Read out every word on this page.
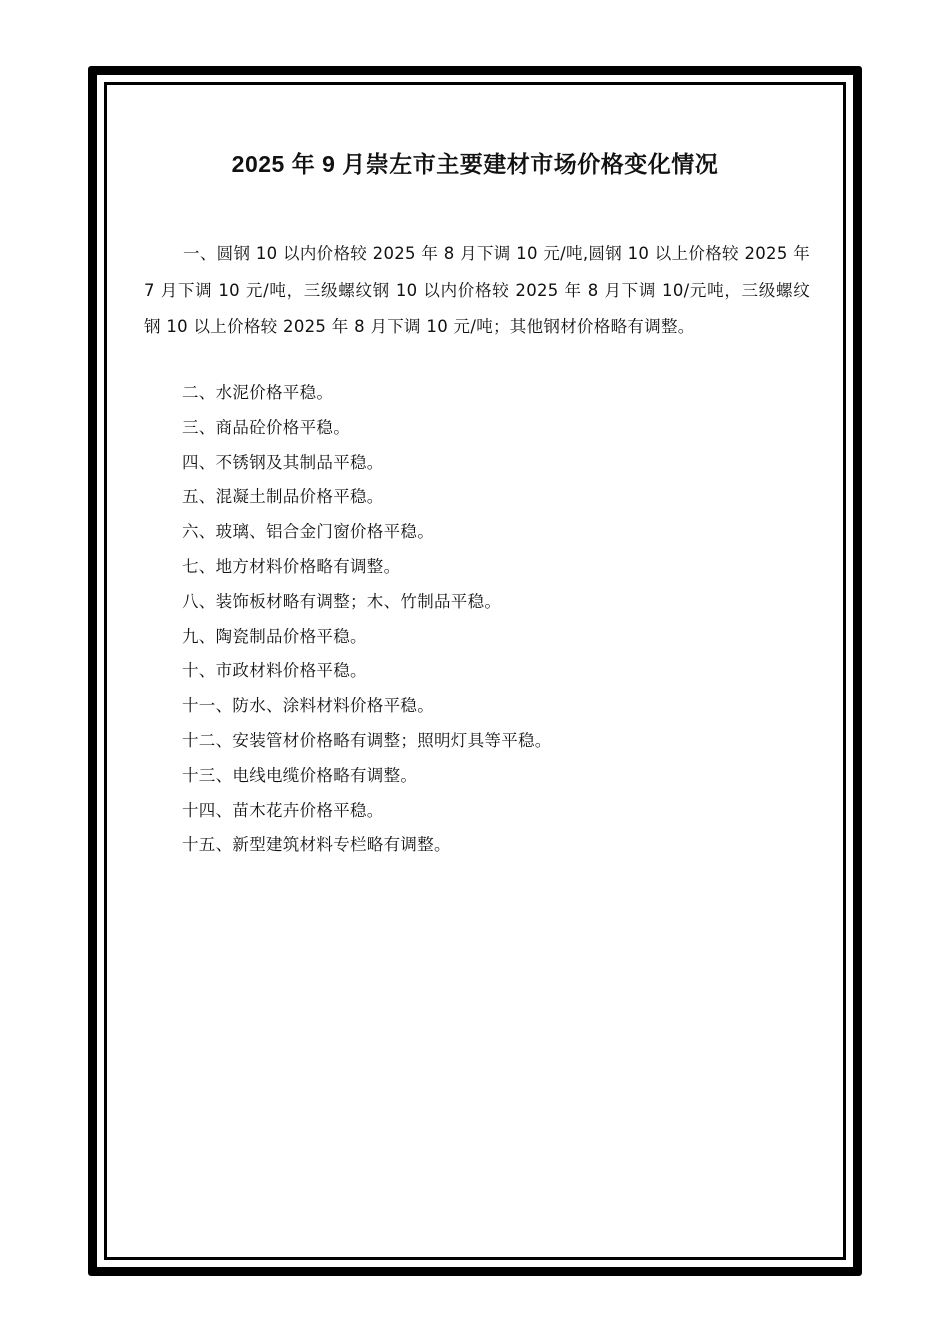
2025 年 9 月崇左市主要建材市场价格变化情况

一、圆钢 10 以内价格较 2025 年 8 月下调 10 元/吨,圆钢 10 以上价格较 2025 年 7 月下调 10 元/吨，三级螺纹钢 10 以内价格较 2025 年 8 月下调 10/元吨，三级螺纹钢 10 以上价格较 2025 年 8 月下调 10 元/吨；其他钢材价格略有调整。

二、水泥价格平稳。
三、商品砼价格平稳。
四、不锈钢及其制品平稳。
五、混凝土制品价格平稳。
六、玻璃、铝合金门窗价格平稳。
七、地方材料价格略有调整。
八、装饰板材略有调整；木、竹制品平稳。
九、陶瓷制品价格平稳。
十、市政材料价格平稳。
十一、防水、涂料材料价格平稳。
十二、安装管材价格略有调整；照明灯具等平稳。
十三、电线电缆价格略有调整。
十四、苗木花卉价格平稳。
十五、新型建筑材料专栏略有调整。
